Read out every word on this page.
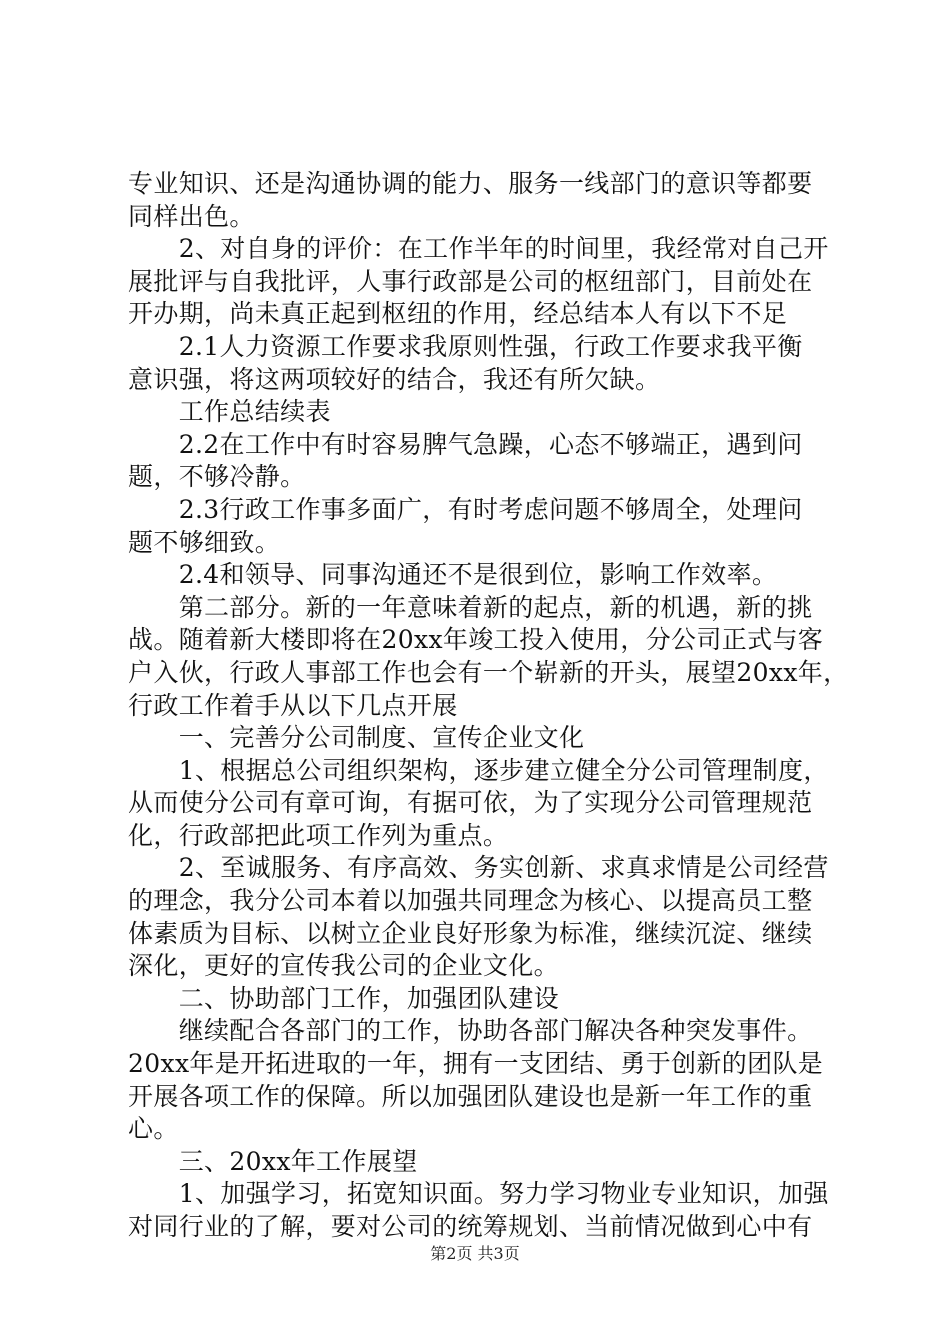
专业知识、还是沟通协调的能力、服务一线部门的意识等都要
同样出色。
　　2、对自身的评价：在工作半年的时间里，我经常对自己开
展批评与自我批评，人事行政部是公司的枢纽部门，目前处在
开办期，尚未真正起到枢纽的作用，经总结本人有以下不足
　　2.1人力资源工作要求我原则性强，行政工作要求我平衡
意识强，将这两项较好的结合，我还有所欠缺。
　　工作总结续表
　　2.2在工作中有时容易脾气急躁，心态不够端正，遇到问
题，不够冷静。
　　2.3行政工作事多面广，有时考虑问题不够周全，处理问
题不够细致。
　　2.4和领导、同事沟通还不是很到位，影响工作效率。
　　第二部分。新的一年意味着新的起点，新的机遇，新的挑
战。随着新大楼即将在20xx年竣工投入使用，分公司正式与客
户入伙，行政人事部工作也会有一个崭新的开头，展望20xx年，
行政工作着手从以下几点开展
　　一、完善分公司制度、宣传企业文化
　　1、根据总公司组织架构，逐步建立健全分公司管理制度，
从而使分公司有章可询，有据可依，为了实现分公司管理规范
化，行政部把此项工作列为重点。
　　2、至诚服务、有序高效、务实创新、求真求情是公司经营
的理念，我分公司本着以加强共同理念为核心、以提高员工整
体素质为目标、以树立企业良好形象为标准，继续沉淀、继续
深化，更好的宣传我公司的企业文化。
　　二、协助部门工作，加强团队建设
　　继续配合各部门的工作，协助各部门解决各种突发事件。
20xx年是开拓进取的一年，拥有一支团结、勇于创新的团队是
开展各项工作的保障。所以加强团队建设也是新一年工作的重
心。
　　三、20xx年工作展望
　　1、加强学习，拓宽知识面。努力学习物业专业知识，加强
对同行业的了解，要对公司的统筹规划、当前情况做到心中有
第2页 共3页
